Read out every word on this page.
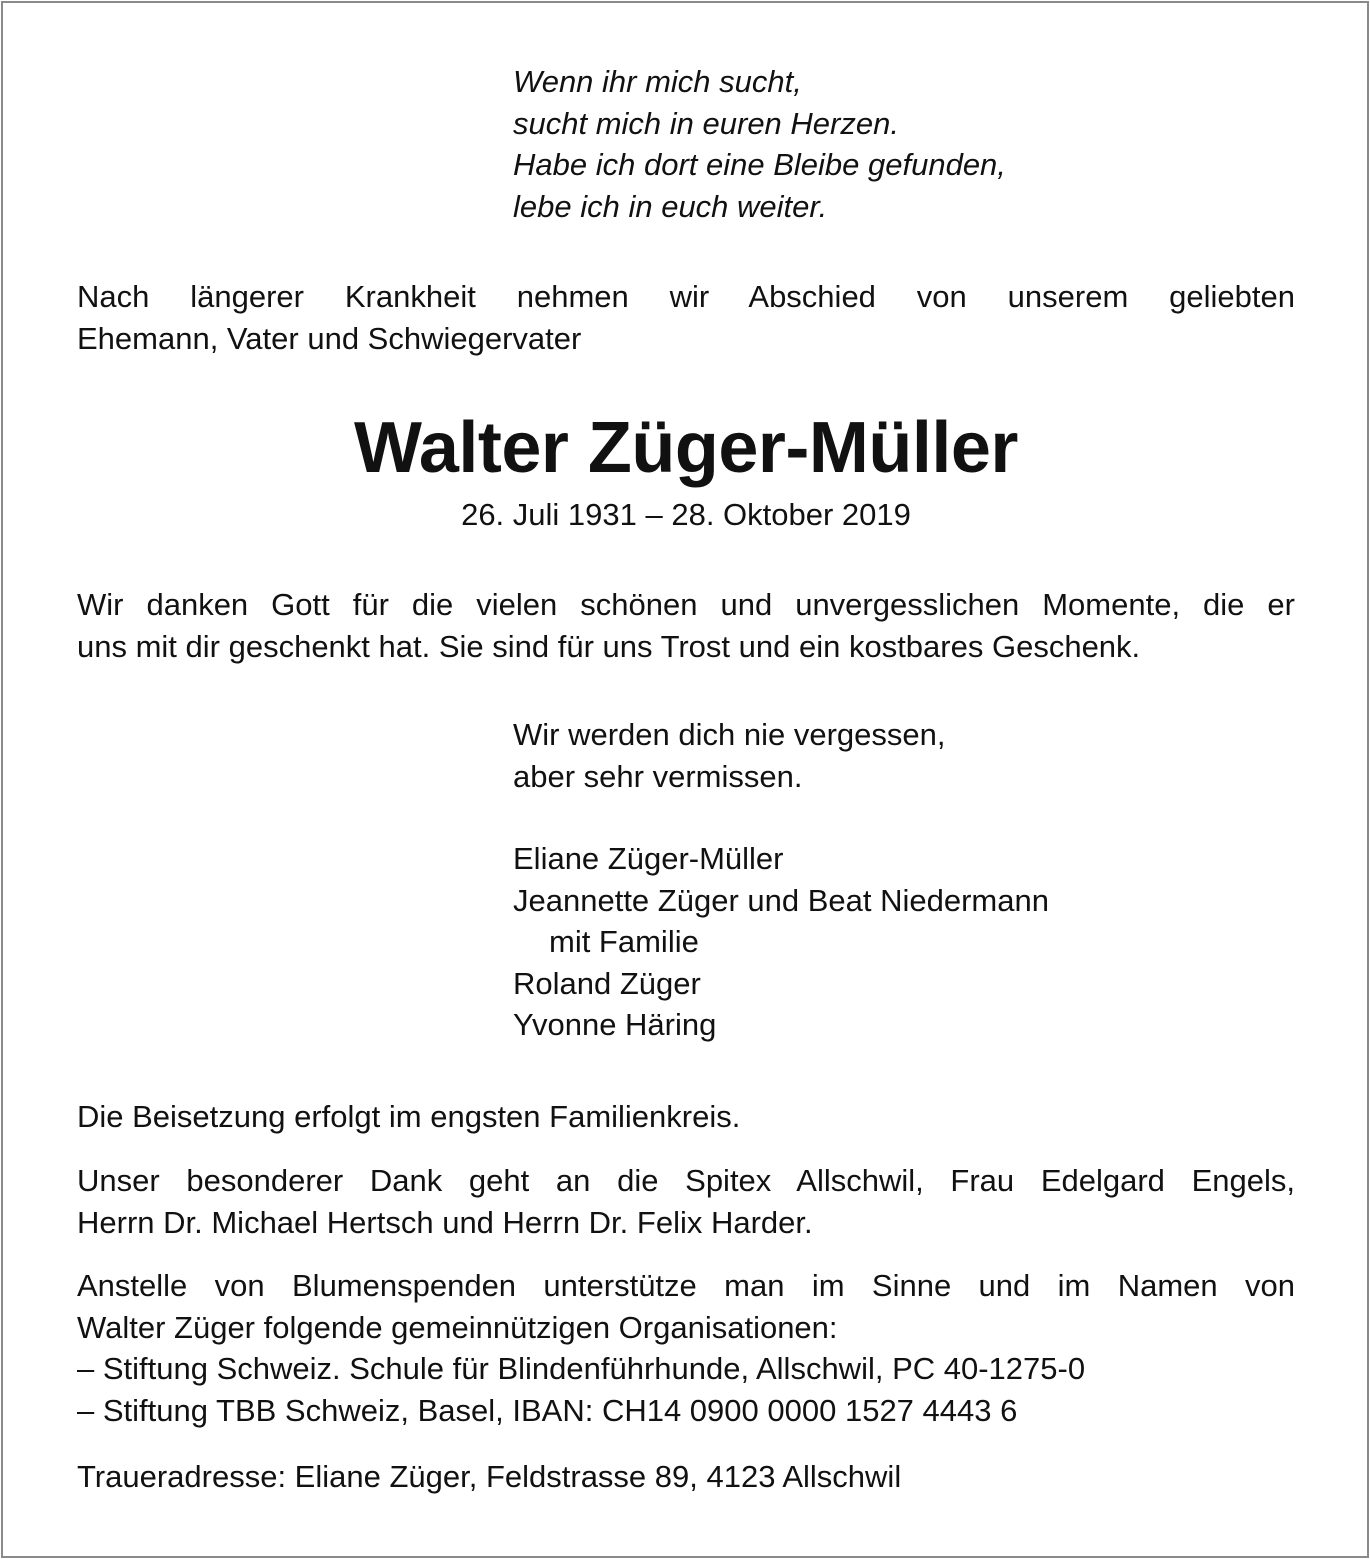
Wenn ihr mich sucht,
sucht mich in euren Herzen.
Habe ich dort eine Bleibe gefunden,
lebe ich in euch weiter.
Nach längerer Krankheit nehmen wir Abschied von unserem geliebten
Ehemann, Vater und Schwiegervater
Walter Züger-Müller
26. Juli 1931 – 28. Oktober 2019
Wir danken Gott für die vielen schönen und unvergesslichen Momente, die er
uns mit dir geschenkt hat. Sie sind für uns Trost und ein kostbares Geschenk.
Wir werden dich nie vergessen,
aber sehr vermissen.
Eliane Züger-Müller
Jeannette Züger und Beat Niedermann
mit Familie
Roland Züger
Yvonne Häring
Die Beisetzung erfolgt im engsten Familienkreis.
Unser besonderer Dank geht an die Spitex Allschwil, Frau Edelgard Engels,
Herrn Dr. Michael Hertsch und Herrn Dr. Felix Harder.
Anstelle von Blumenspenden unterstütze man im Sinne und im Namen von
Walter Züger folgende gemeinnützigen Organisationen:
– Stiftung Schweiz. Schule für Blindenführhunde, Allschwil, PC 40-1275-0
– Stiftung TBB Schweiz, Basel, IBAN: CH14 0900 0000 1527 4443 6
Traueradresse: Eliane Züger, Feldstrasse 89, 4123 Allschwil
